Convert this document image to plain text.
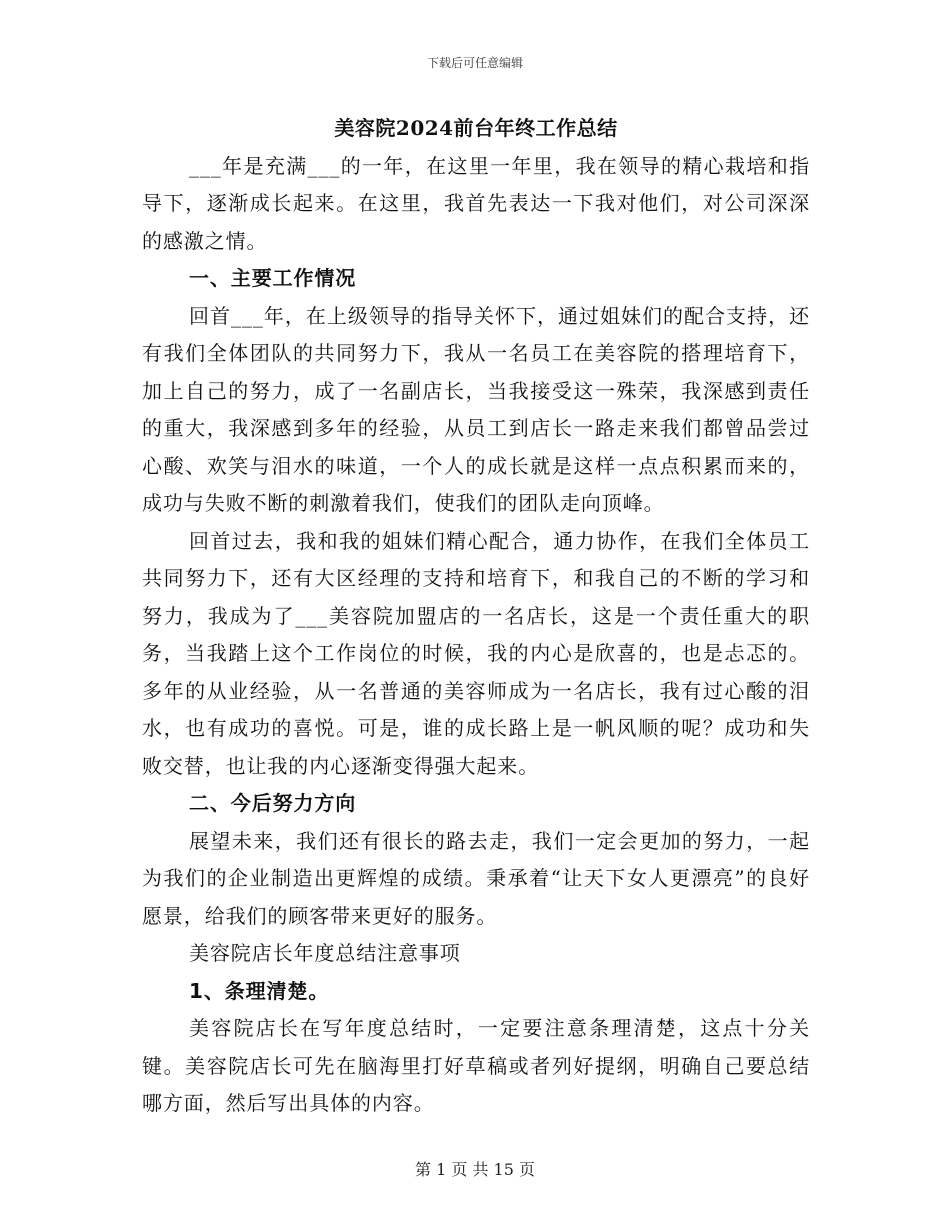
下载后可任意编辑

美容院2024前台年终工作总结

___年是充满___的一年，在这里一年里，我在领导的精心栽培和指导下，逐渐成长起来。在这里，我首先表达一下我对他们，对公司深深的感激之情。

一、主要工作情况

回首___年，在上级领导的指导关怀下，通过姐妹们的配合支持，还有我们全体团队的共同努力下，我从一名员工在美容院的搭理培育下，加上自己的努力，成了一名副店长，当我接受这一殊荣，我深感到责任的重大，我深感到多年的经验，从员工到店长一路走来我们都曾品尝过心酸、欢笑与泪水的味道，一个人的成长就是这样一点点积累而来的，成功与失败不断的刺激着我们，使我们的团队走向顶峰。

回首过去，我和我的姐妹们精心配合，通力协作，在我们全体员工共同努力下，还有大区经理的支持和培育下，和我自己的不断的学习和努力，我成为了___美容院加盟店的一名店长，这是一个责任重大的职务，当我踏上这个工作岗位的时候，我的内心是欣喜的，也是忐忑的。多年的从业经验，从一名普通的美容师成为一名店长，我有过心酸的泪水，也有成功的喜悦。可是，谁的成长路上是一帆风顺的呢？成功和失败交替，也让我的内心逐渐变得强大起来。

二、今后努力方向

展望未来，我们还有很长的路去走，我们一定会更加的努力，一起为我们的企业制造出更辉煌的成绩。秉承着“让天下女人更漂亮”的良好愿景，给我们的顾客带来更好的服务。

美容院店长年度总结注意事项

1、条理清楚。

美容院店长在写年度总结时，一定要注意条理清楚，这点十分关键。美容院店长可先在脑海里打好草稿或者列好提纲，明确自己要总结哪方面，然后写出具体的内容。

第 1 页 共 15 页
